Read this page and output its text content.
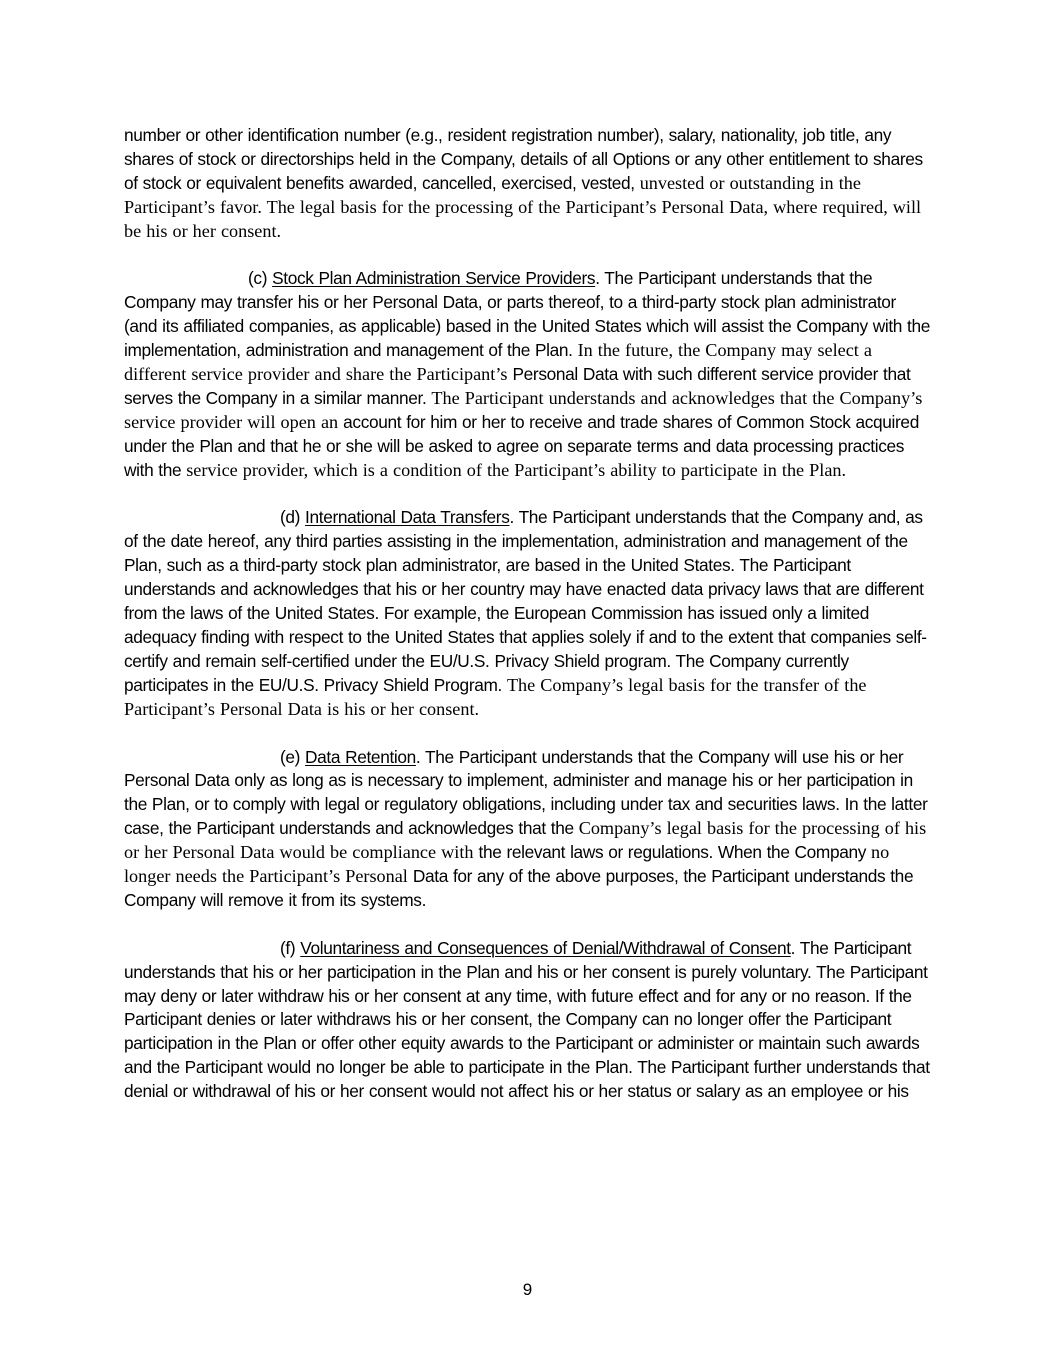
number or other identification number (e.g., resident registration number), salary, nationality, job title, any shares of stock or directorships held in the Company, details of all Options or any other entitlement to shares of stock or equivalent benefits awarded, cancelled, exercised, vested, unvested or outstanding in the Participant’s favor. The legal basis for the processing of the Participant’s Personal Data, where required, will be his or her consent.

(c) Stock Plan Administration Service Providers. The Participant understands that the Company may transfer his or her Personal Data, or parts thereof, to a third-party stock plan administrator (and its affiliated companies, as applicable) based in the United States which will assist the Company with the implementation, administration and management of the Plan. In the future, the Company may select a different service provider and share the Participant’s Personal Data with such different service provider that serves the Company in a similar manner. The Participant understands and acknowledges that the Company’s service provider will open an account for him or her to receive and trade shares of Common Stock acquired under the Plan and that he or she will be asked to agree on separate terms and data processing practices with the service provider, which is a condition of the Participant’s ability to participate in the Plan.

(d) International Data Transfers. The Participant understands that the Company and, as of the date hereof, any third parties assisting in the implementation, administration and management of the Plan, such as a third-party stock plan administrator, are based in the United States. The Participant understands and acknowledges that his or her country may have enacted data privacy laws that are different from the laws of the United States. For example, the European Commission has issued only a limited adequacy finding with respect to the United States that applies solely if and to the extent that companies self-certify and remain self-certified under the EU/U.S. Privacy Shield program. The Company currently participates in the EU/U.S. Privacy Shield Program. The Company’s legal basis for the transfer of the Participant’s Personal Data is his or her consent.

(e) Data Retention. The Participant understands that the Company will use his or her Personal Data only as long as is necessary to implement, administer and manage his or her participation in the Plan, or to comply with legal or regulatory obligations, including under tax and securities laws. In the latter case, the Participant understands and acknowledges that the Company’s legal basis for the processing of his or her Personal Data would be compliance with the relevant laws or regulations. When the Company no longer needs the Participant’s Personal Data for any of the above purposes, the Participant understands the Company will remove it from its systems.

(f) Voluntariness and Consequences of Denial/Withdrawal of Consent. The Participant understands that his or her participation in the Plan and his or her consent is purely voluntary. The Participant may deny or later withdraw his or her consent at any time, with future effect and for any or no reason. If the Participant denies or later withdraws his or her consent, the Company can no longer offer the Participant participation in the Plan or offer other equity awards to the Participant or administer or maintain such awards and the Participant would no longer be able to participate in the Plan. The Participant further understands that denial or withdrawal of his or her consent would not affect his or her status or salary as an employee or his

9
